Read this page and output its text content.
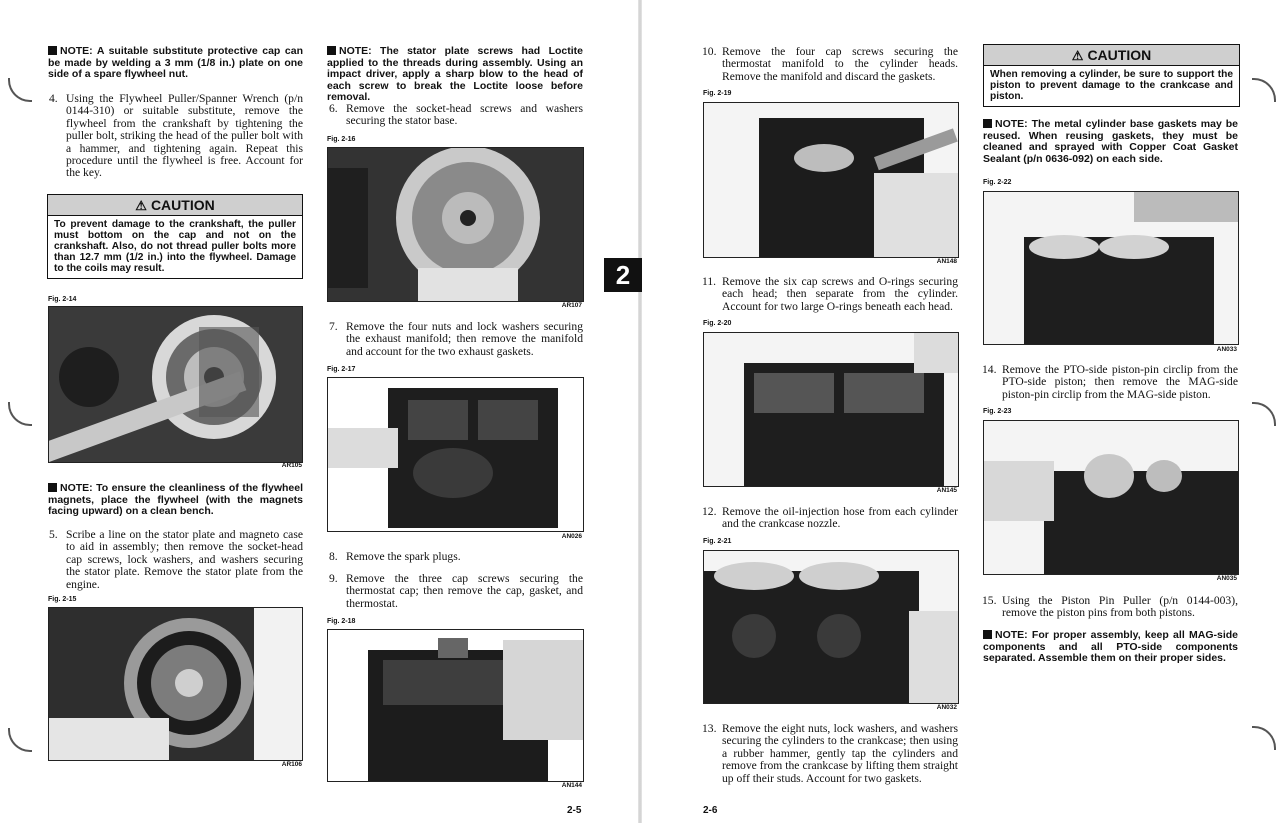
NOTE: A suitable substitute protective cap can be made by welding a 3 mm (1/8 in.) plate on one side of a spare flywheel nut.
4. Using the Flywheel Puller/Spanner Wrench (p/n 0144-310) or suitable substitute, remove the flywheel from the crankshaft by tightening the puller bolt, striking the head of the puller bolt with a hammer, and tightening again. Repeat this procedure until the flywheel is free. Account for the key.
⚠ CAUTION
To prevent damage to the crankshaft, the puller must bottom on the cap and not on the crankshaft. Also, do not thread puller bolts more than 12.7 mm (1/2 in.) into the flywheel. Damage to the coils may result.
Fig. 2-14
AR105
NOTE: To ensure the cleanliness of the flywheel magnets, place the flywheel (with the magnets facing upward) on a clean bench.
5. Scribe a line on the stator plate and magneto case to aid in assembly; then remove the socket-head cap screws, lock washers, and washers securing the stator plate. Remove the stator plate from the engine.
Fig. 2-15
AR106
NOTE: The stator plate screws had Loctite applied to the threads during assembly. Using an impact driver, apply a sharp blow to the head of each screw to break the Loctite loose before removal.
6. Remove the socket-head screws and washers securing the stator base.
Fig. 2-16
AR107
7. Remove the four nuts and lock washers securing the exhaust manifold; then remove the manifold and account for the two exhaust gaskets.
Fig. 2-17
AN026
8. Remove the spark plugs.
9. Remove the three cap screws securing the thermostat cap; then remove the cap, gasket, and thermostat.
Fig. 2-18
AN144
2
2-5
10. Remove the four cap screws securing the thermostat manifold to the cylinder heads. Remove the manifold and discard the gaskets.
Fig. 2-19
AN148
11. Remove the six cap screws and O-rings securing each head; then separate from the cylinder. Account for two large O-rings beneath each head.
Fig. 2-20
AN145
12. Remove the oil-injection hose from each cylinder and the crankcase nozzle.
Fig. 2-21
AN032
13. Remove the eight nuts, lock washers, and washers securing the cylinders to the crankcase; then using a rubber hammer, gently tap the cylinders and remove from the crankcase by lifting them straight up off their studs. Account for two gaskets.
2-6
⚠ CAUTION
When removing a cylinder, be sure to support the piston to prevent damage to the crankcase and piston.
NOTE: The metal cylinder base gaskets may be reused. When reusing gaskets, they must be cleaned and sprayed with Copper Coat Gasket Sealant (p/n 0636-092) on each side.
Fig. 2-22
AN033
14. Remove the PTO-side piston-pin circlip from the PTO-side piston; then remove the MAG-side piston-pin circlip from the MAG-side piston.
Fig. 2-23
AN035
15. Using the Piston Pin Puller (p/n 0144-003), remove the piston pins from both pistons.
NOTE: For proper assembly, keep all MAG-side components and all PTO-side components separated. Assemble them on their proper sides.
